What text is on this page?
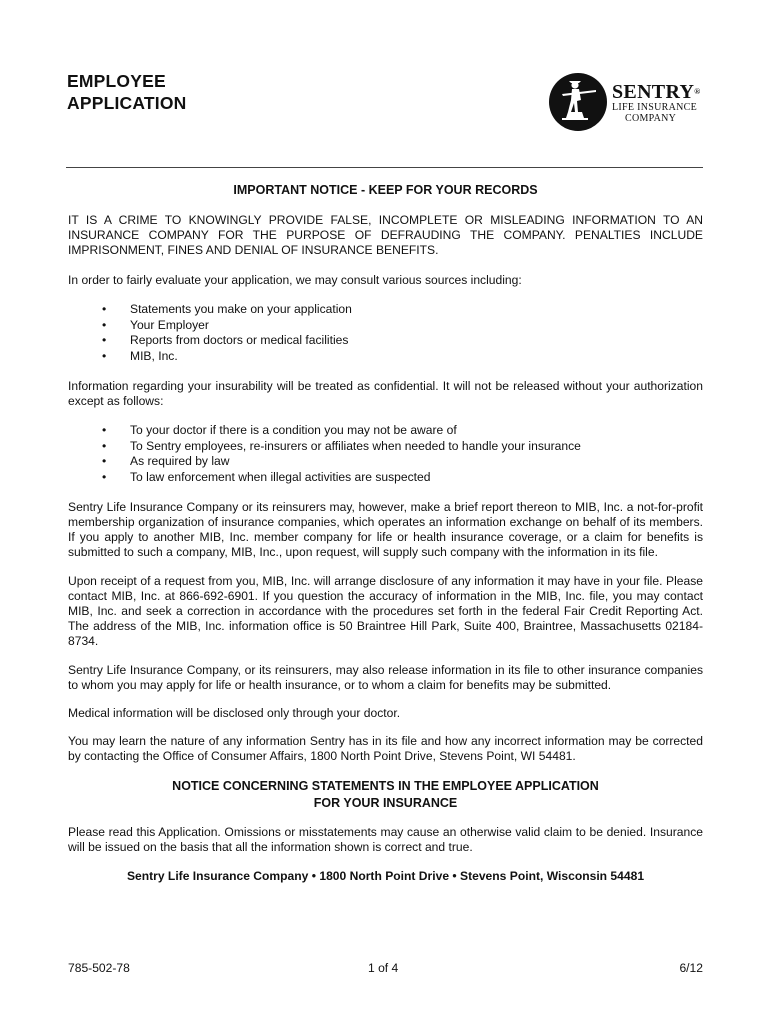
EMPLOYEE
APPLICATION	SENTRY®
LIFE INSURANCE
COMPANY
IMPORTANT NOTICE - KEEP FOR YOUR RECORDS

IT IS A CRIME TO KNOWINGLY PROVIDE FALSE, INCOMPLETE OR MISLEADING INFORMATION TO AN INSURANCE COMPANY FOR THE PURPOSE OF DEFRAUDING THE COMPANY. PENALTIES INCLUDE IMPRISONMENT, FINES AND DENIAL OF INSURANCE BENEFITS.

In order to fairly evaluate your application, we may consult various sources including:

• Statements you make on your application
• Your Employer
• Reports from doctors or medical facilities
• MIB, Inc.

Information regarding your insurability will be treated as confidential. It will not be released without your authorization except as follows:

• To your doctor if there is a condition you may not be aware of
• To Sentry employees, re-insurers or affiliates when needed to handle your insurance
• As required by law
• To law enforcement when illegal activities are suspected

Sentry Life Insurance Company or its reinsurers may, however, make a brief report thereon to MIB, Inc. a not-for-profit membership organization of insurance companies, which operates an information exchange on behalf of its members. If you apply to another MIB, Inc. member company for life or health insurance coverage, or a claim for benefits is submitted to such a company, MIB, Inc., upon request, will supply such company with the information in its file.

Upon receipt of a request from you, MIB, Inc. will arrange disclosure of any information it may have in your file. Please contact MIB, Inc. at 866-692-6901. If you question the accuracy of information in the MIB, Inc. file, you may contact MIB, Inc. and seek a correction in accordance with the procedures set forth in the federal Fair Credit Reporting Act. The address of the MIB, Inc. information office is 50 Braintree Hill Park, Suite 400, Braintree, Massachusetts 02184-8734.

Sentry Life Insurance Company, or its reinsurers, may also release information in its file to other insurance companies to whom you may apply for life or health insurance, or to whom a claim for benefits may be submitted.

Medical information will be disclosed only through your doctor.

You may learn the nature of any information Sentry has in its file and how any incorrect information may be corrected by contacting the Office of Consumer Affairs, 1800 North Point Drive, Stevens Point, WI 54481.

NOTICE CONCERNING STATEMENTS IN THE EMPLOYEE APPLICATION
FOR YOUR INSURANCE

Please read this Application. Omissions or misstatements may cause an otherwise valid claim to be denied. Insurance will be issued on the basis that all the information shown is correct and true.

Sentry Life Insurance Company • 1800 North Point Drive • Stevens Point, Wisconsin 54481
785-502-78	1 of 4	6/12
